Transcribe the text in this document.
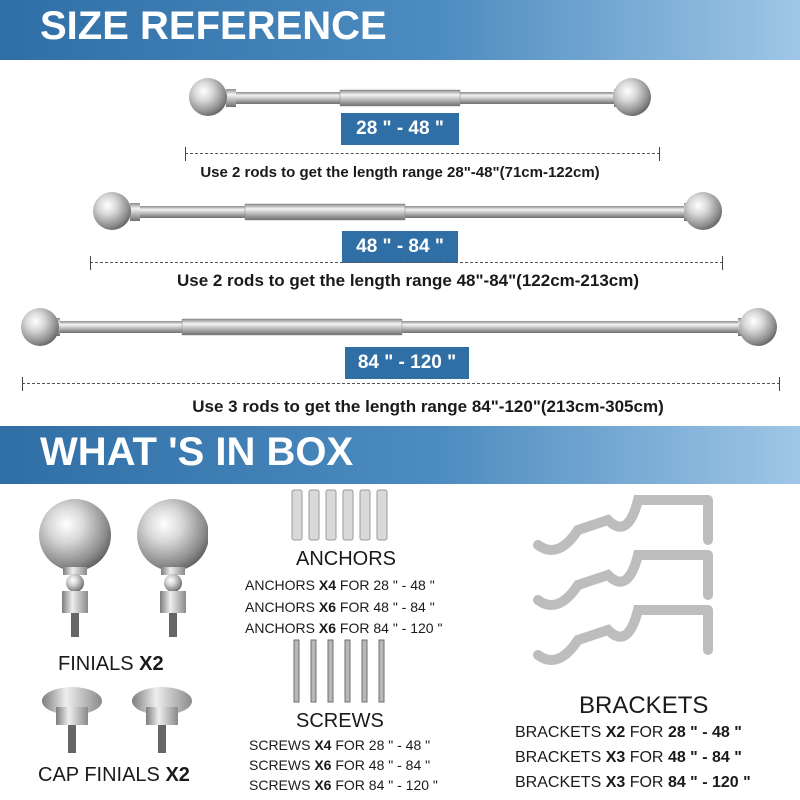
SIZE REFERENCE
28 " - 48 "
Use 2 rods to get the length range 28"-48"(71cm-122cm)
48 " - 84 "
Use 2 rods to get the length range 48"-84"(122cm-213cm)
84 " - 120 "
Use 3 rods to get the length range 84"-120"(213cm-305cm)
WHAT 'S IN BOX
FINIALS X2
CAP FINIALS X2
ANCHORS
ANCHORS X4 FOR 28 " - 48 "
ANCHORS X6 FOR 48 " - 84 "
ANCHORS X6 FOR 84 " - 120 "
SCREWS
SCREWS X4 FOR 28 " - 48 "
SCREWS X6 FOR 48 " - 84 "
SCREWS X6 FOR 84 " - 120 "
BRACKETS
BRACKETS X2 FOR 28 " - 48 "
BRACKETS X3 FOR 48 " - 84 "
BRACKETS X3 FOR 84 " - 120 "
